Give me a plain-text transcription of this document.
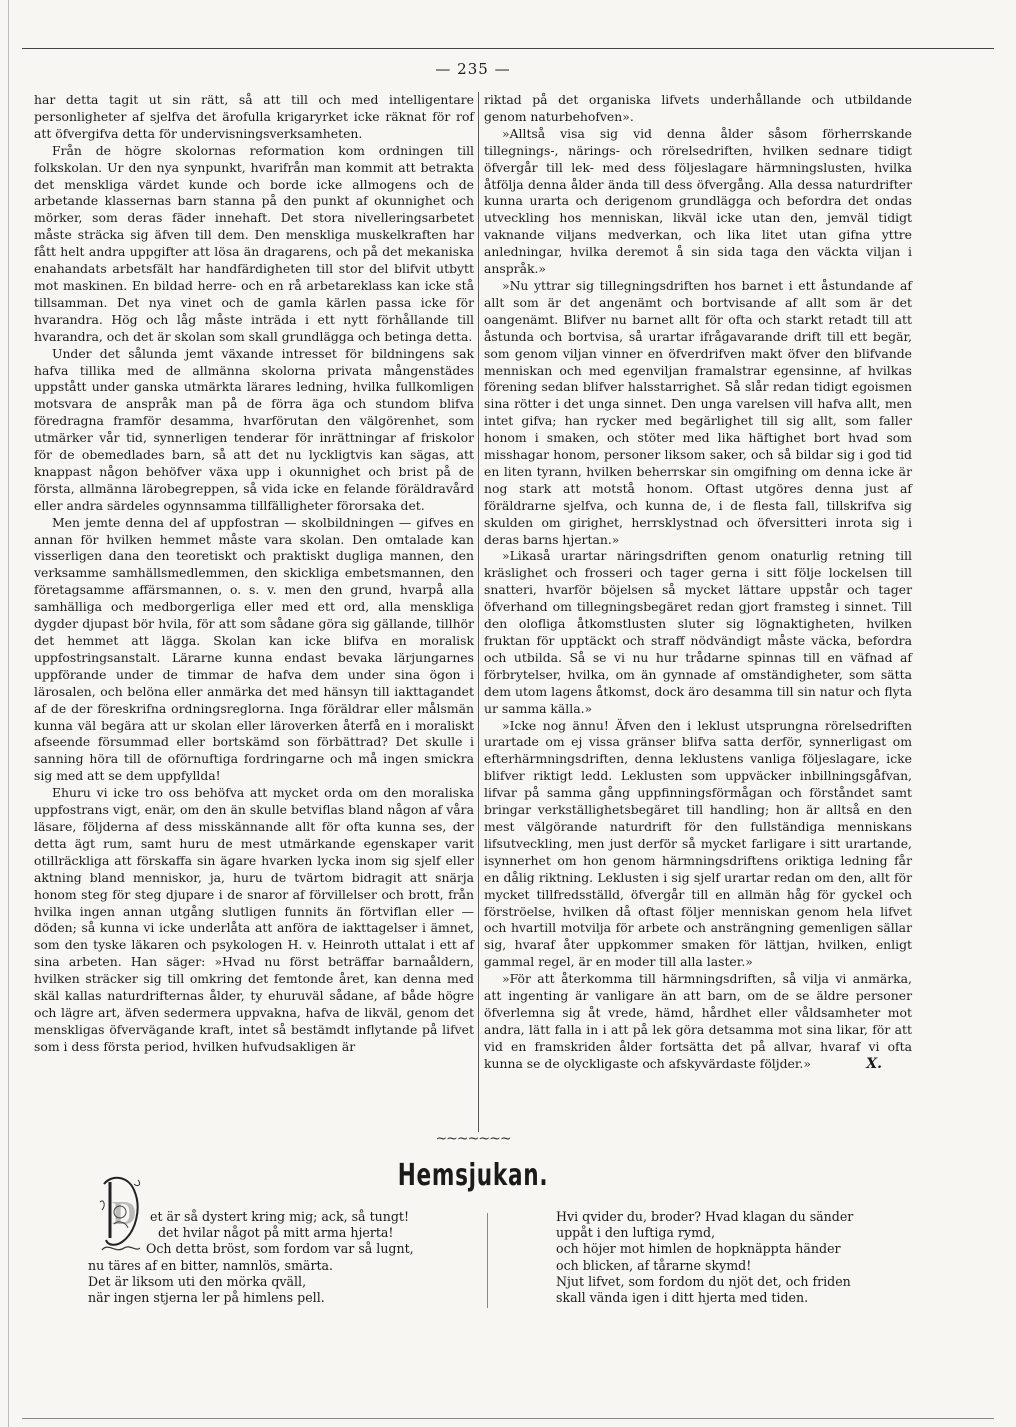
— 235 —

har detta tagit ut sin rätt, så att till och med intelligentare personligheter af sjelfva det ärofulla krigaryrket icke räknat för rof att öfvergifva detta för undervisningsverksamheten.

Från de högre skolornas reformation kom ordningen till folkskolan. Ur den nya synpunkt, hvarifrån man kommit att betrakta det menskliga värdet kunde och borde icke allmogens och de arbetande klassernas barn stanna på den punkt af okunnighet och mörker, som deras fäder innehaft. Det stora nivelleringsarbetet måste sträcka sig äfven till dem. Den menskliga muskelkraften har fått helt andra uppgifter att lösa än dragarens, och på det mekaniska enahandats arbetsfält har handfärdigheten till stor del blifvit utbytt mot maskinen. En bildad herre- och en rå arbetareklass kan icke stå tillsamman. Det nya vinet och de gamla kärlen passa icke för hvarandra. Hög och låg måste inträda i ett nytt förhållande till hvarandra, och det är skolan som skall grundlägga och betinga detta.

Under det sålunda jemt växande intresset för bildningens sak hafva tillika med de allmänna skolorna privata mångenstädes uppstått under ganska utmärkta lärares ledning, hvilka fullkomligen motsvara de anspråk man på de förra äga och stundom blifva föredragna framför desamma, hvarförutan den välgörenhet, som utmärker vår tid, synnerligen tenderar för inrättningar af friskolor för de obemedlades barn, så att det nu lyckligtvis kan sägas, att knappast någon behöfver växa upp i okunnighet och brist på de första, allmänna lärobegreppen, så vida icke en felande föräldravård eller andra särdeles ogynnsamma tillfälligheter förorsaka det.

Men jemte denna del af uppfostran — skolbildningen — gifves en annan för hvilken hemmet måste vara skolan. Den omtalade kan visserligen dana den teoretiskt och praktiskt dugliga mannen, den verksamme samhällsmedlemmen, den skickliga embetsmannen, den företagsamme affärsmannen, o. s. v. men den grund, hvarpå alla samhälliga och medborgerliga eller med ett ord, alla menskliga dygder djupast bör hvila, för att som sådane göra sig gällande, tillhör det hemmet att lägga. Skolan kan icke blifva en moralisk uppfostringsanstalt. Lärarne kunna endast bevaka lärjungarnes uppförande under de timmar de hafva dem under sina ögon i lärosalen, och belöna eller anmärka det med hänsyn till iakttagandet af de der föreskrifna ordningsreglorna. Inga föräldrar eller målsmän kunna väl begära att ur skolan eller läroverken återfå en i moraliskt afseende försummad eller bortskämd son förbättrad? Det skulle i sanning höra till de oförnuftiga fordringarne och må ingen smickra sig med att se dem uppfyllda!

Ehuru vi icke tro oss behöfva att mycket orda om den moraliska uppfostrans vigt, enär, om den än skulle betviflas bland någon af våra läsare, följderna af dess misskännande allt för ofta kunna ses, der detta ägt rum, samt huru de mest utmärkande egenskaper varit otillräckliga att förskaffa sin ägare hvarken lycka inom sig sjelf eller aktning bland menniskor, ja, huru de tvärtom bidragit att snärja honom steg för steg djupare i de snaror af förvillelser och brott, från hvilka ingen annan utgång slutligen funnits än förtviflan eller — döden; så kunna vi icke underlåta att anföra de iakttagelser i ämnet, som den tyske läkaren och psykologen H. v. Heinroth uttalat i ett af sina arbeten. Han säger: »Hvad nu först beträffar barnaåldern, hvilken sträcker sig till omkring det femtonde året, kan denna med skäl kallas naturdrifternas ålder, ty ehuruväl sådane, af både högre och lägre art, äfven sedermera uppvakna, hafva de likväl, genom det menskligas öfvervägande kraft, intet så bestämdt inflytande på lifvet som i dess första period, hvilken hufvudsakligen är

riktad på det organiska lifvets underhållande och utbildande genom naturbehofven».

»Alltså visa sig vid denna ålder såsom förherrskande tillegnings-, närings- och rörelsedriften, hvilken sednare tidigt öfvergår till lek- med dess följeslagare härmningslusten, hvilka åtfölja denna ålder ända till dess öfvergång. Alla dessa naturdrifter kunna urarta och derigenom grundlägga och befordra det ondas utveckling hos menniskan, likväl icke utan den, jemväl tidigt vaknande viljans medverkan, och lika litet utan gifna yttre anledningar, hvilka deremot å sin sida taga den väckta viljan i anspråk.»

»Nu yttrar sig tillegningsdriften hos barnet i ett åstundande af allt som är det angenämt och bortvisande af allt som är det oangenämt. Blifver nu barnet allt för ofta och starkt retadt till att åstunda och bortvisa, så urartar ifrågavarande drift till ett begär, som genom viljan vinner en öfverdrifven makt öfver den blifvande menniskan och med egenviljan framalstrar egensinne, af hvilkas förening sedan blifver halsstarrighet. Så slår redan tidigt egoismen sina rötter i det unga sinnet. Den unga varelsen vill hafva allt, men intet gifva; han rycker med begärlighet till sig allt, som faller honom i smaken, och stöter med lika häftighet bort hvad som misshagar honom, personer liksom saker, och så bildar sig i god tid en liten tyrann, hvilken beherrskar sin omgifning om denna icke är nog stark att motstå honom. Oftast utgöres denna just af föräldrarne sjelfva, och kunna de, i de flesta fall, tillskrifva sig skulden om girighet, herrsklystnad och öfversitteri inrota sig i deras barns hjertan.»

»Likaså urartar näringsdriften genom onaturlig retning till kräslighet och frosseri och tager gerna i sitt följe lockelsen till snatteri, hvarför böjelsen så mycket lättare uppstår och tager öfverhand om tillegningsbegäret redan gjort framsteg i sinnet. Till den olofliga åtkomstlusten sluter sig lögnaktigheten, hvilken fruktan för upptäckt och straff nödvändigt måste väcka, befordra och utbilda. Så se vi nu hur trådarne spinnas till en väfnad af förbrytelser, hvilka, om än gynnade af omständigheter, som sätta dem utom lagens åtkomst, dock äro desamma till sin natur och flyta ur samma källa.»

»Icke nog ännu! Äfven den i leklust utsprungna rörelsedriften urartade om ej vissa gränser blifva satta derför, synnerligast om efterhärmningsdriften, denna leklustens vanliga följeslagare, icke blifver riktigt ledd. Leklusten som uppväcker inbillningsgåfvan, lifvar på samma gång uppfinningsförmågan och förståndet samt bringar verkställighetsbegäret till handling; hon är alltså en den mest välgörande naturdrift för den fullständiga menniskans lifsutveckling, men just derför så mycket farligare i sitt urartande, isynnerhet om hon genom härmningsdriftens oriktiga ledning får en dålig riktning. Leklusten i sig sjelf urartar redan om den, allt för mycket tillfredsställd, öfvergår till en allmän håg för gyckel och förströelse, hvilken då oftast följer menniskan genom hela lifvet och hvartill motvilja för arbete och ansträngning gemenligen sällar sig, hvaraf åter uppkommer smaken för lättjan, hvilken, enligt gammal regel, är en moder till alla laster.»

»För att återkomma till härmningsdriften, så vilja vi anmärka, att ingenting är vanligare än att barn, om de se äldre personer öfverlemna sig åt vrede, hämd, hårdhet eller våldsamheter mot andra, lätt falla in i att på lek göra detsamma mot sina likar, för att vid en framskriden ålder fortsätta det på allvar, hvaraf vi ofta kunna se de olyckligaste och afskyvärdaste följder.»	X.

~~~~~~~
Hemsjukan.
D	et är så dystert kring mig; ack, så tungt!
det hvilar något på mitt arma hjerta!
Och detta bröst, som fordom var så lugnt,
nu täres af en bitter, namnlös, smärta.
Det är liksom uti den mörka qväll,
när ingen stjerna ler på himlens pell.
Hvi qvider du, broder? Hvad klagan du sänder
uppåt i den luftiga rymd,
och höjer mot himlen de hopknäppta händer
och blicken, af tårarne skymd!
Njut lifvet, som fordom du njöt det, och friden
skall vända igen i ditt hjerta med tiden.
